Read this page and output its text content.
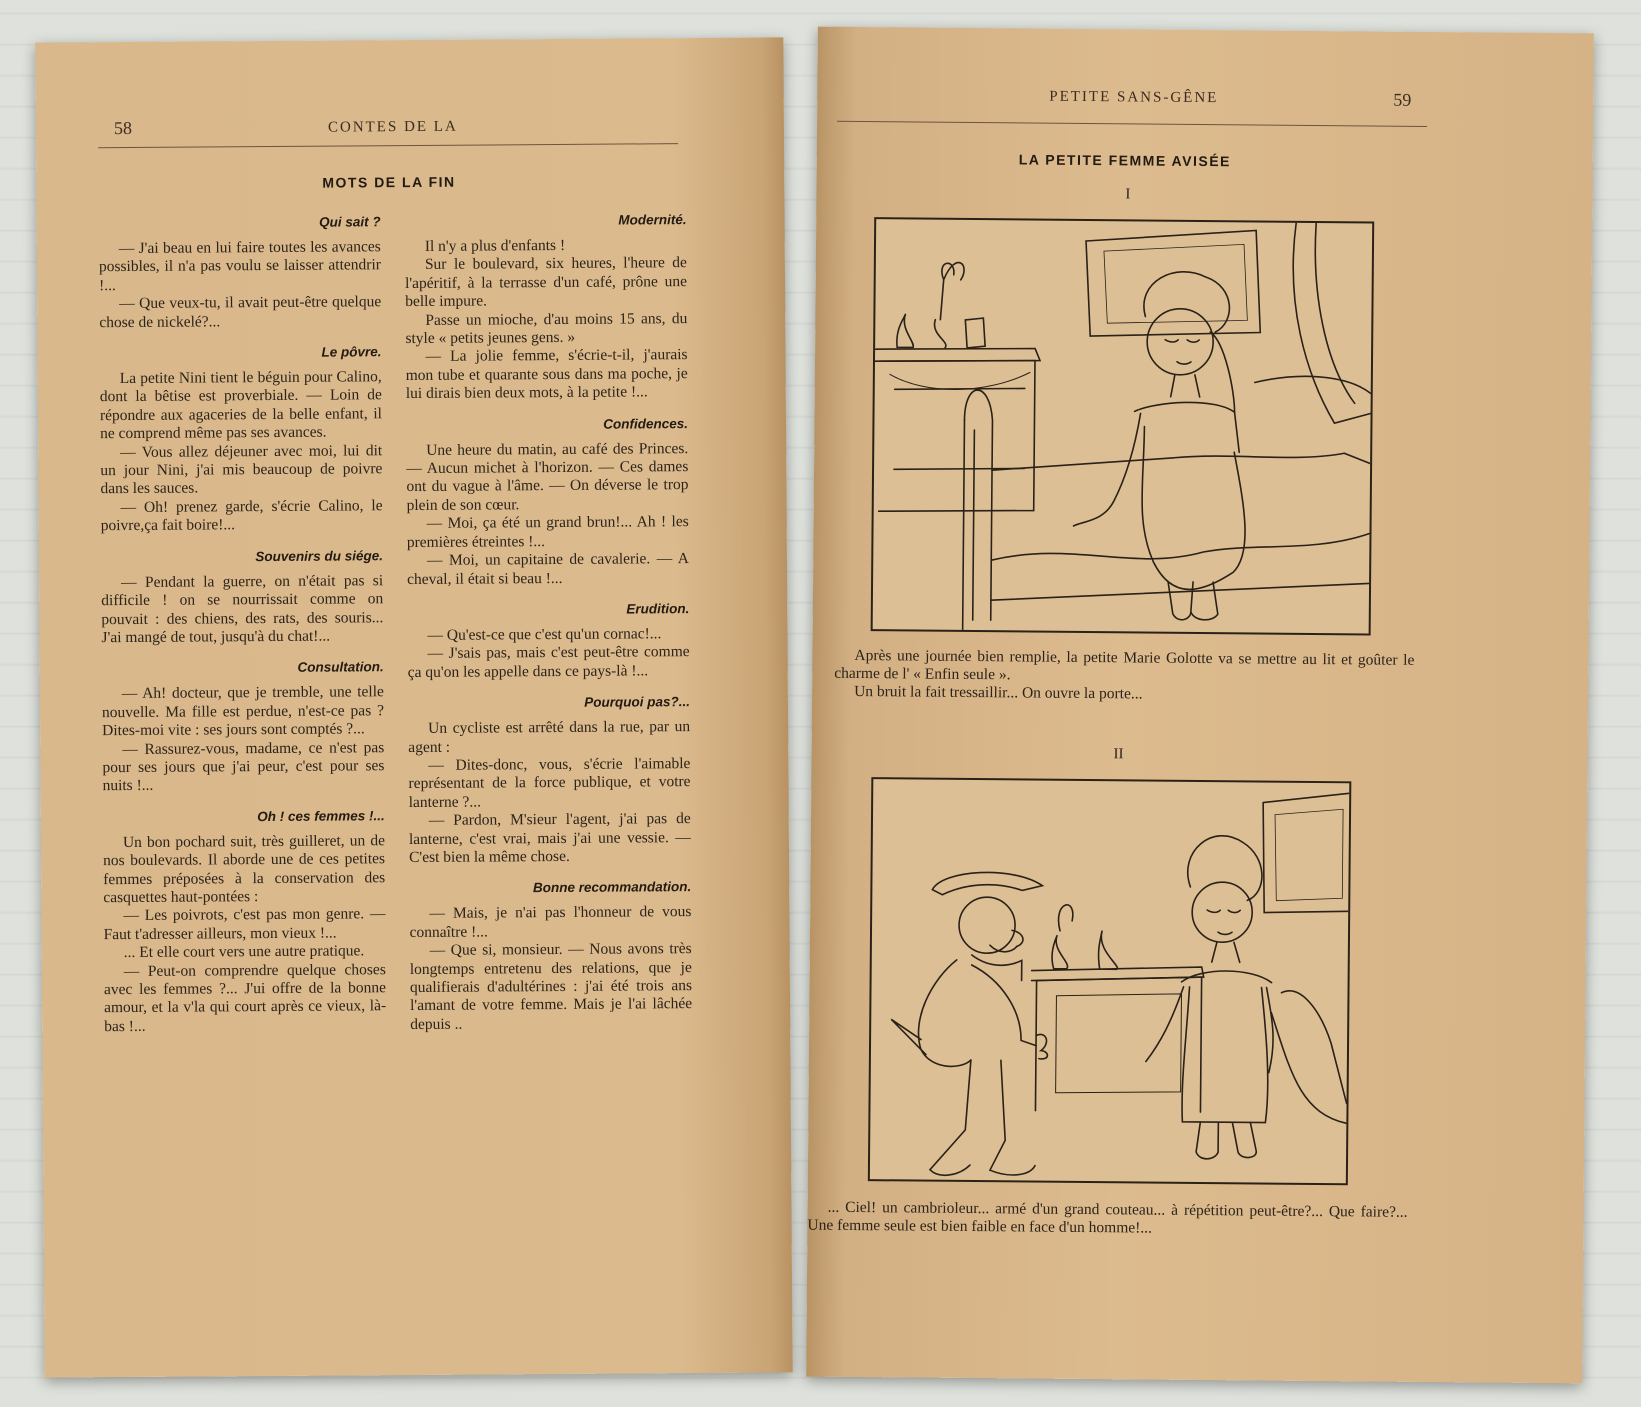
58	CONTES DE LA
MOTS DE LA FIN
Qui sait ?

— J'ai beau en lui faire toutes les avances possibles, il n'a pas voulu se laisser attendrir !...

— Que veux-tu, il avait peut-être quelque chose de nickelé?...

Le pôvre.

La petite Nini tient le béguin pour Calino, dont la bêtise est proverbiale. — Loin de répondre aux agaceries de la belle enfant, il ne comprend même pas ses avances.

— Vous allez déjeuner avec moi, lui dit un jour Nini, j'ai mis beaucoup de poivre dans les sauces.

— Oh! prenez garde, s'écrie Calino, le poivre,ça fait boire!...

Souvenirs du siége.

— Pendant la guerre, on n'était pas si difficile ! on se nourrissait comme on pouvait : des chiens, des rats, des souris... J'ai mangé de tout, jusqu'à du chat!...

Consultation.

— Ah! docteur, que je tremble, une telle nouvelle. Ma fille est perdue, n'est-ce pas ? Dites-moi vite : ses jours sont comptés ?...

— Rassurez-vous, madame, ce n'est pas pour ses jours que j'ai peur, c'est pour ses nuits !...

Oh ! ces femmes !...

Un bon pochard suit, très guilleret, un de nos boulevards. Il aborde une de ces petites femmes préposées à la conservation des casquettes haut-pontées :

— Les poivrots, c'est pas mon genre. — Faut t'adresser ailleurs, mon vieux !...

... Et elle court vers une autre pratique.

— Peut-on comprendre quelque choses avec les femmes ?... J'ui offre de la bonne amour, et la v'la qui court après ce vieux, là-bas !...

Modernité.

Il n'y a plus d'enfants !

Sur le boulevard, six heures, l'heure de l'apéritif, à la terrasse d'un café, prône une belle impure.

Passe un mioche, d'au moins 15 ans, du style « petits jeunes gens. »

— La jolie femme, s'écrie-t-il, j'aurais mon tube et quarante sous dans ma poche, je lui dirais bien deux mots, à la petite !...

Confidences.

Une heure du matin, au café des Princes. — Aucun michet à l'horizon. — Ces dames ont du vague à l'âme. — On déverse le trop plein de son cœur.

— Moi, ça été un grand brun!... Ah ! les premières étreintes !...

— Moi, un capitaine de cavalerie. — A cheval, il était si beau !...

Erudition.

— Qu'est-ce que c'est qu'un cornac!...

— J'sais pas, mais c'est peut-être comme ça qu'on les appelle dans ce pays-là !...

Pourquoi pas?...

Un cycliste est arrêté dans la rue, par un agent :

— Dites-donc, vous, s'écrie l'aimable représentant de la force publique, et votre lanterne ?...

— Pardon, M'sieur l'agent, j'ai pas de lanterne, c'est vrai, mais j'ai une vessie. — C'est bien la même chose.

Bonne recommandation.

— Mais, je n'ai pas l'honneur de vous connaître !...

— Que si, monsieur. — Nous avons très longtemps entretenu des relations, que je qualifierais d'adultérines : j'ai été trois ans l'amant de votre femme. Mais je l'ai lâchée depuis ..

PETITE SANS-GÊNE	59
LA PETITE FEMME AVISÉE
I

Après une journée bien remplie, la petite Marie Golotte va se mettre au lit et goûter le charme de l' « Enfin seule ».

Un bruit la fait tressaillir... On ouvre la porte...

II

... Ciel! un cambrioleur... armé d'un grand couteau... à répétition peut-être?... Que faire?... Une femme seule est bien faible en face d'un homme!...
